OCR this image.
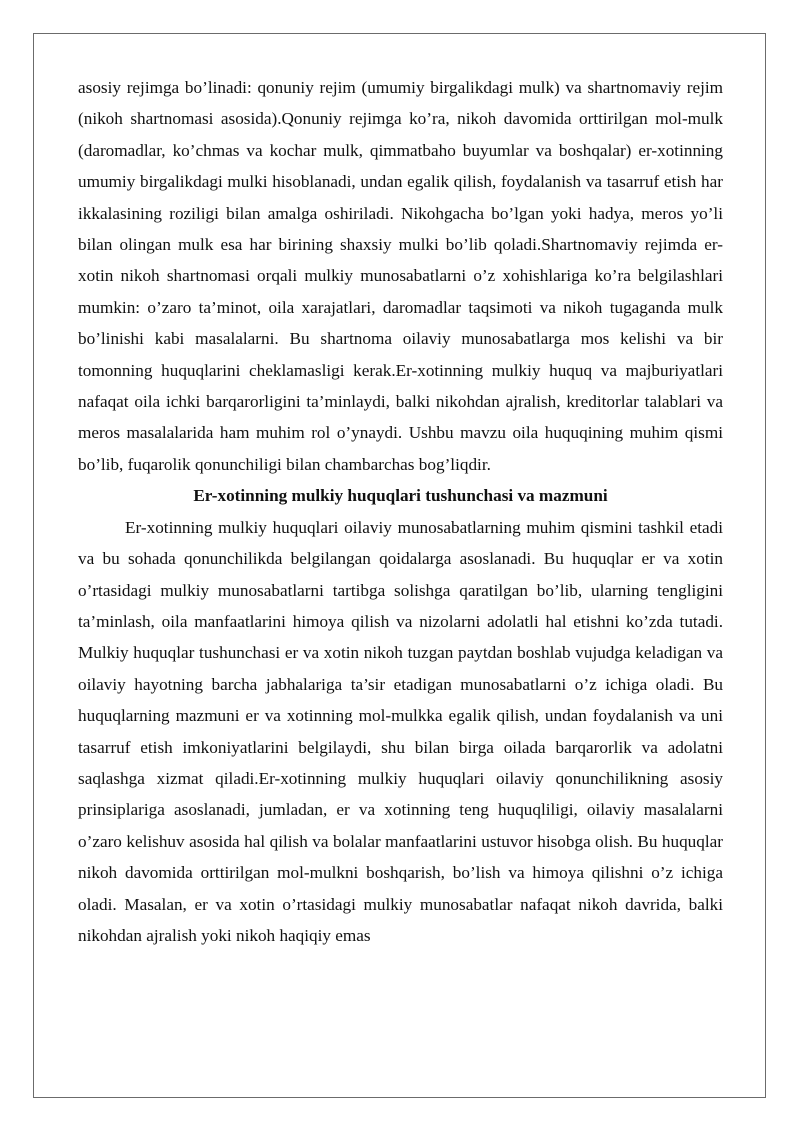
asosiy rejimga bo’linadi: qonuniy rejim (umumiy birgalikdagi mulk) va shartnomaviy rejim (nikoh shartnomasi asosida).Qonuniy rejimga ko’ra, nikoh davomida orttirilgan mol-mulk (daromadlar, ko’chmas va kochar mulk, qimmatbaho buyumlar va boshqalar) er-xotinning umumiy birgalikdagi mulki hisoblanadi, undan egalik qilish, foydalanish va tasarruf etish har ikkalasining roziligi bilan amalga oshiriladi. Nikohgacha bo’lgan yoki hadya, meros yo’li bilan olingan mulk esa har birining shaxsiy mulki bo’lib qoladi.Shartnomaviy rejimda er-xotin nikoh shartnomasi orqali mulkiy munosabatlarni o’z xohishlariga ko’ra belgilashlari mumkin: o’zaro ta’minot, oila xarajatlari, daromadlar taqsimoti va nikoh tugaganda mulk bo’linishi kabi masalalarni. Bu shartnoma oilaviy munosabatlarga mos kelishi va bir tomonning huquqlarini cheklamasligi kerak.Er-xotinning mulkiy huquq va majburiyatlari nafaqat oila ichki barqarorligini ta’minlaydi, balki nikohdan ajralish, kreditorlar talablari va meros masalalarida ham muhim rol o’ynaydi. Ushbu mavzu oila huquqining muhim qismi bo’lib, fuqarolik qonunchiligi bilan chambarchas bog’liqdir.

Er-xotinning mulkiy huquqlari tushunchasi va mazmuni

Er-xotinning mulkiy huquqlari oilaviy munosabatlarning muhim qismini tashkil etadi va bu sohada qonunchilikda belgilangan qoidalarga asoslanadi. Bu huquqlar er va xotin o’rtasidagi mulkiy munosabatlarni tartibga solishga qaratilgan bo’lib, ularning tengligini ta’minlash, oila manfaatlarini himoya qilish va nizolarni adolatli hal etishni ko’zda tutadi. Mulkiy huquqlar tushunchasi er va xotin nikoh tuzgan paytdan boshlab vujudga keladigan va oilaviy hayotning barcha jabhalariga ta’sir etadigan munosabatlarni o’z ichiga oladi. Bu huquqlarning mazmuni er va xotinning mol-mulkka egalik qilish, undan foydalanish va uni tasarruf etish imkoniyatlarini belgilaydi, shu bilan birga oilada barqarorlik va adolatni saqlashga xizmat qiladi.Er-xotinning mulkiy huquqlari oilaviy qonunchilikning asosiy prinsiplariga asoslanadi, jumladan, er va xotinning teng huquqliligi, oilaviy masalalarni o’zaro kelishuv asosida hal qilish va bolalar manfaatlarini ustuvor hisobga olish. Bu huquqlar nikoh davomida orttirilgan mol-mulkni boshqarish, bo’lish va himoya qilishni o’z ichiga oladi. Masalan, er va xotin o’rtasidagi mulkiy munosabatlar nafaqat nikoh davrida, balki nikohdan ajralish yoki nikoh haqiqiy emas
